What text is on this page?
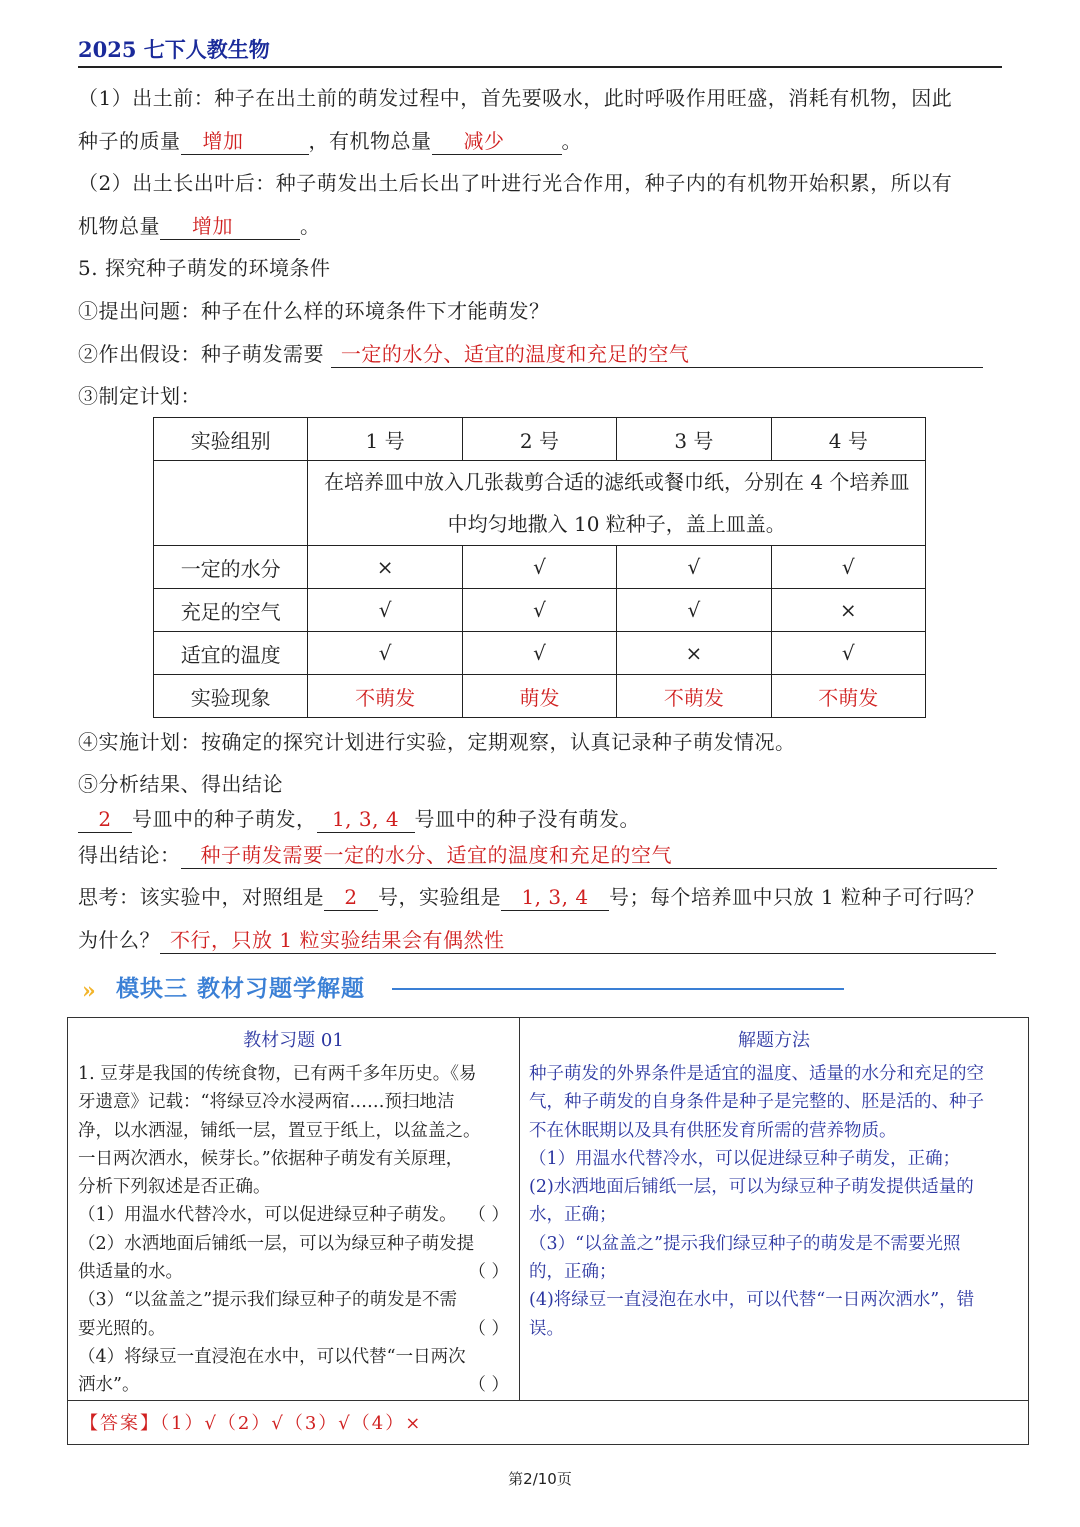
2025 七下人教生物
（1）出土前：种子在出土前的萌发过程中，首先要吸水，此时呼吸作用旺盛，消耗有机物，因此
种子的质量 增加	，有机物总量 减少	。
（2）出土长出叶后：种子萌发出土后长出了叶进行光合作用，种子内的有机物开始积累，所以有
机物总量 增加	。
5. 探究种子萌发的环境条件
①提出问题：种子在什么样的环境条件下才能萌发？
②作出假设：种子萌发需要 一定的水分、适宜的温度和充足的空气
③制定计划：
实验组别	1 号	2 号	3 号	4 号
	在培养皿中放入几张裁剪合适的滤纸或餐巾纸，分别在 4 个培养皿中均匀地撒入 10 粒种子，盖上皿盖。			
一定的水分	×	√	√	√
充足的空气	√	√	√	×
适宜的温度	√	√	×	√
实验现象	不萌发	萌发	不萌发	不萌发
④实施计划：按确定的探究计划进行实验，定期观察，认真记录种子萌发情况。
⑤分析结果、得出结论
2 号皿中的种子萌发， 1, 3, 4 号皿中的种子没有萌发。
得出结论： 种子萌发需要一定的水分、适宜的温度和充足的空气
思考：该实验中，对照组是 2 号，实验组是 1, 3, 4 号；每个培养皿中只放 1 粒种子可行吗？
为什么？ 不行，只放 1 粒实验结果会有偶然性
» 模块三 教材习题学解题
教材习题 01
1. 豆芽是我国的传统食物，已有两千多年历史。《易
牙遗意》记载：“将绿豆冷水浸两宿……预扫地洁
净，以水洒湿，铺纸一层，置豆于纸上，以盆盖之。
一日两次洒水，候芽长。”依据种子萌发有关原理，
分析下列叙述是否正确。
（1）用温水代替冷水，可以促进绿豆种子萌发。 （ ）
（2）水洒地面后铺纸一层，可以为绿豆种子萌发提
供适量的水。	（ ）
（3）“以盆盖之”提示我们绿豆种子的萌发是不需
要光照的。	（ ）
（4）将绿豆一直浸泡在水中，可以代替“一日两次
洒水”。	（ ）
解题方法
种子萌发的外界条件是适宜的温度、适量的水分和充足的空
气，种子萌发的自身条件是种子是完整的、胚是活的、种子
不在休眠期以及具有供胚发育所需的营养物质。
（1）用温水代替冷水，可以促进绿豆种子萌发，正确；
(2)水洒地面后铺纸一层，可以为绿豆种子萌发提供适量的
水，正确；
（3）“以盆盖之”提示我们绿豆种子的萌发是不需要光照
的，正确；
(4)将绿豆一直浸泡在水中，可以代替“一日两次洒水”，错
误。
【答案】（1）√（2）√（3）√（4）×
第2/10页
